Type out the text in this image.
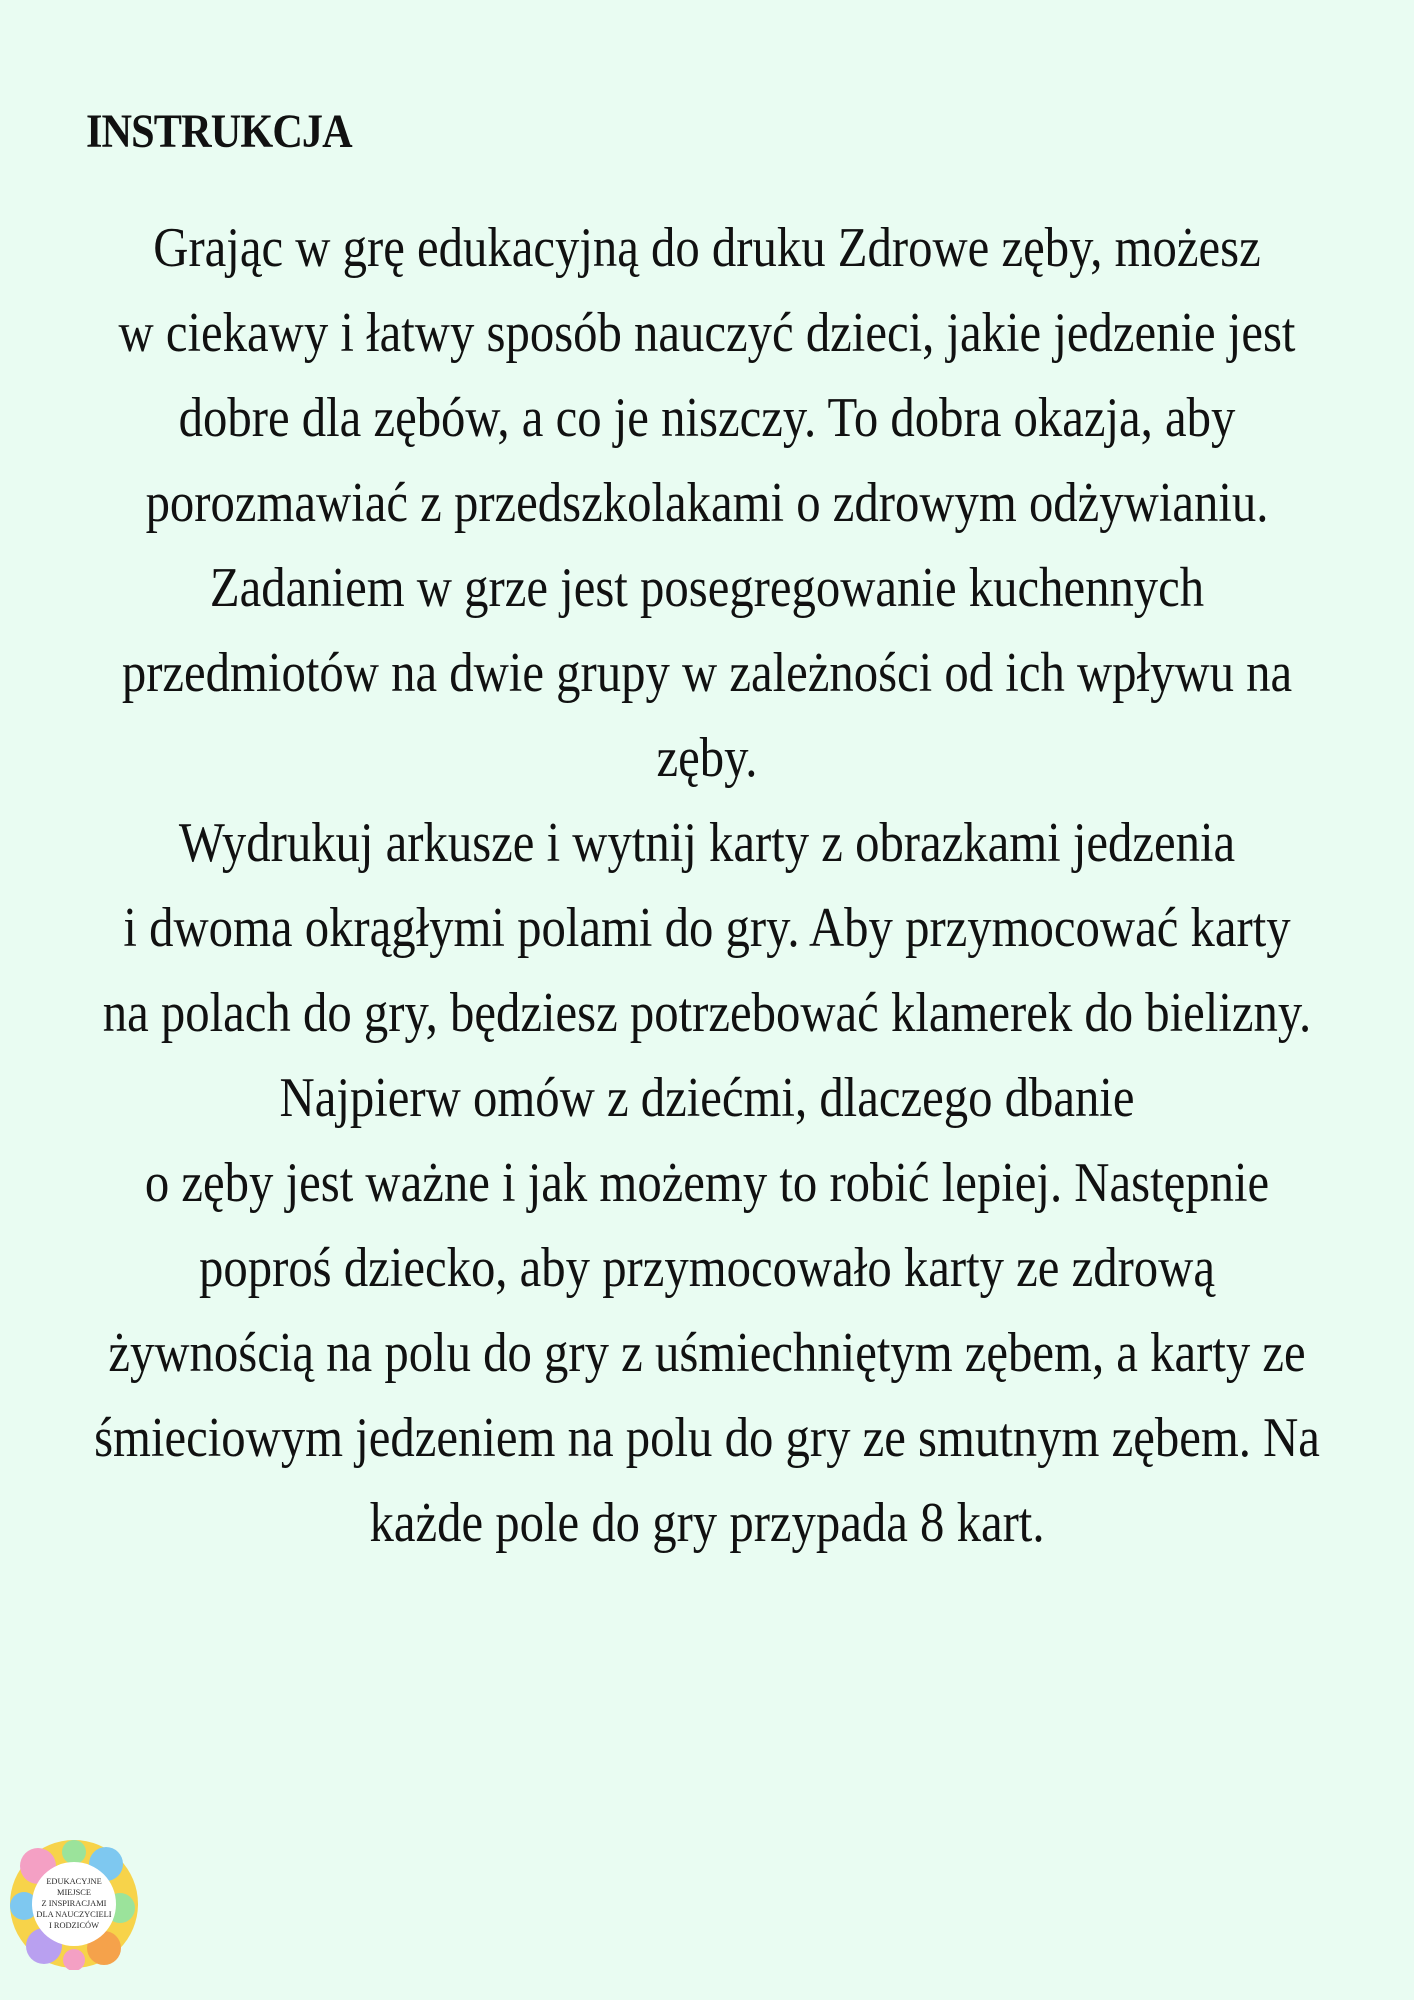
INSTRUKCJA
Grając w grę edukacyjną do druku Zdrowe zęby, możesz
w ciekawy i łatwy sposób nauczyć dzieci, jakie jedzenie jest
dobre dla zębów, a co je niszczy. To dobra okazja, aby
porozmawiać z przedszkolakami o zdrowym odżywianiu.
Zadaniem w grze jest posegregowanie kuchennych
przedmiotów na dwie grupy w zależności od ich wpływu na
zęby.
Wydrukuj arkusze i wytnij karty z obrazkami jedzenia
i dwoma okrągłymi polami do gry. Aby przymocować karty
na polach do gry, będziesz potrzebować klamerek do bielizny.
Najpierw omów z dziećmi, dlaczego dbanie
o zęby jest ważne i jak możemy to robić lepiej. Następnie
poproś dziecko, aby przymocowało karty ze zdrową
żywnością na polu do gry z uśmiechniętym zębem, a karty ze
śmieciowym jedzeniem na polu do gry ze smutnym zębem. Na
każde pole do gry przypada 8 kart.
EDUKACYJNE
MIEJSCE
Z INSPIRACJAMI
DLA NAUCZYCIELI
I RODZICÓW
